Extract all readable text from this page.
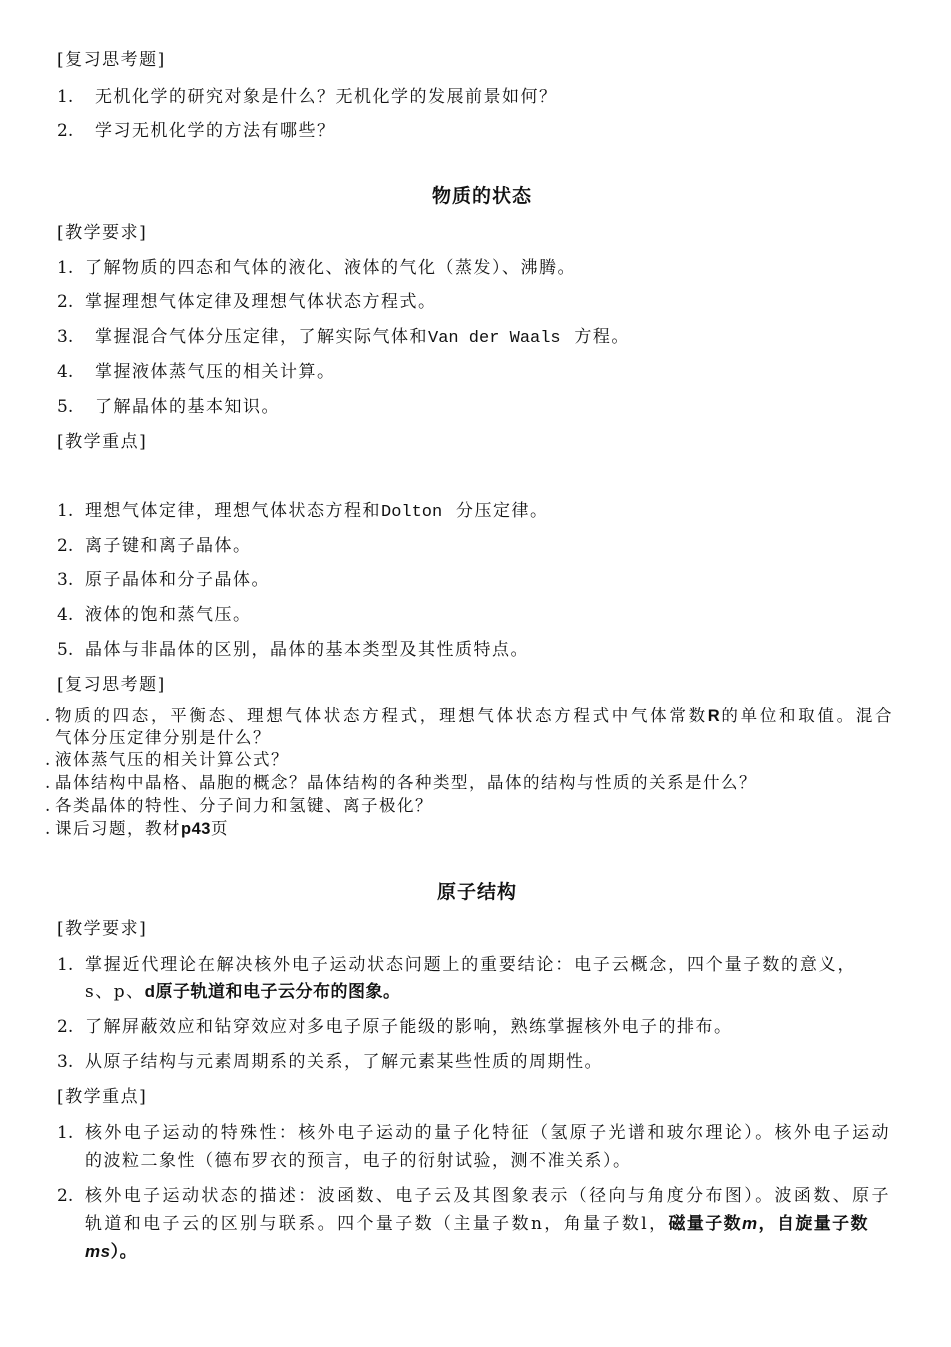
[复习思考题]
1. 无机化学的研究对象是什么？无机化学的发展前景如何？
2. 学习无机化学的方法有哪些？
物质的状态
[教学要求]
1. 了解物质的四态和气体的液化、液体的气化（蒸发）、沸腾。
2. 掌握理想气体定律及理想气体状态方程式。
3. 掌握混合气体分压定律，了解实际气体和Van der Waals  方程。
4. 掌握液体蒸气压的相关计算。
5. 了解晶体的基本知识。
[教学重点]
1. 理想气体定律，理想气体状态方程和Dolton  分压定律。
2. 离子键和离子晶体。
3. 原子晶体和分子晶体。
4. 液体的饱和蒸气压。
5. 晶体与非晶体的区别，晶体的基本类型及其性质特点。
[复习思考题]
. 物质的四态，平衡态、理想气体状态方程式，理想气体状态方程式中气体常数R的单位和取值。混合
气体分压定律分别是什么？
. 液体蒸气压的相关计算公式？
. 晶体结构中晶格、晶胞的概念？晶体结构的各种类型，晶体的结构与性质的关系是什么？
. 各类晶体的特性、分子间力和氢键、离子极化？
. 课后习题，教材p43页
原子结构
[教学要求]
1. 掌握近代理论在解决核外电子运动状态问题上的重要结论：电子云概念，四个量子数的意义，
s、p、d原子轨道和电子云分布的图象。
2. 了解屏蔽效应和钻穿效应对多电子原子能级的影响，熟练掌握核外电子的排布。
3. 从原子结构与元素周期系的关系，了解元素某些性质的周期性。
[教学重点]
1. 核外电子运动的特殊性：核外电子运动的量子化特征（氢原子光谱和玻尔理论）。核外电子运动
的波粒二象性（德布罗衣的预言，电子的衍射试验，测不准关系）。
2. 核外电子运动状态的描述：波函数、电子云及其图象表示（径向与角度分布图）。波函数、原子
轨道和电子云的区别与联系。四个量子数（主量子数n，角量子数l，磁量子数m，自旋量子数
ms）。
